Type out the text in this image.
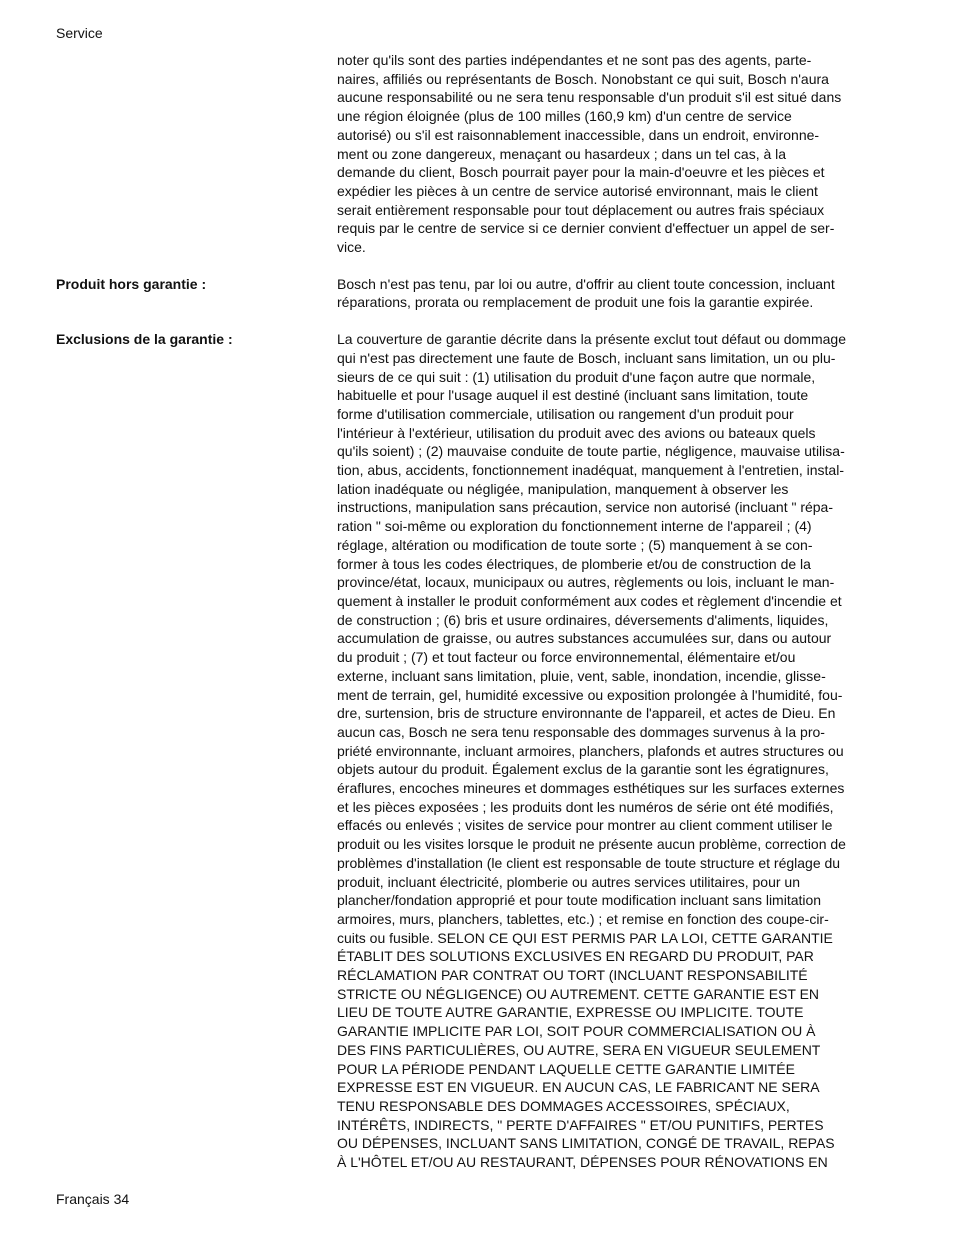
Service
noter qu'ils sont des parties indépendantes et ne sont pas des agents, parte-
naires, affiliés ou représentants de Bosch. Nonobstant ce qui suit, Bosch n'aura
aucune responsabilité ou ne sera tenu responsable d'un produit s'il est situé dans
une région éloignée (plus de 100 milles (160,9 km) d'un centre de service
autorisé) ou s'il est raisonnablement inaccessible, dans un endroit, environne-
ment ou zone dangereux, menaçant ou hasardeux ; dans un tel cas, à la
demande du client, Bosch pourrait payer pour la main-d'oeuvre et les pièces et
expédier les pièces à un centre de service autorisé environnant, mais le client
serait entièrement responsable pour tout déplacement ou autres frais spéciaux
requis par le centre de service si ce dernier convient d'effectuer un appel de ser-
vice.
Produit hors garantie :	Bosch n'est pas tenu, par loi ou autre, d'offrir au client toute concession, incluant
réparations, prorata ou remplacement de produit une fois la garantie expirée.
Exclusions de la garantie :	La couverture de garantie décrite dans la présente exclut tout défaut ou dommage
qui n'est pas directement une faute de Bosch, incluant sans limitation, un ou plu-
sieurs de ce qui suit : (1) utilisation du produit d'une façon autre que normale,
habituelle et pour l'usage auquel il est destiné (incluant sans limitation, toute
forme d'utilisation commerciale, utilisation ou rangement d'un produit pour
l'intérieur à l'extérieur, utilisation du produit avec des avions ou bateaux quels
qu'ils soient) ; (2) mauvaise conduite de toute partie, négligence, mauvaise utilisa-
tion, abus, accidents, fonctionnement inadéquat, manquement à l'entretien, instal-
lation inadéquate ou négligée, manipulation, manquement à observer les
instructions, manipulation sans précaution, service non autorisé (incluant " répa-
ration " soi-même ou exploration du fonctionnement interne de l'appareil ; (4)
réglage, altération ou modification de toute sorte ; (5) manquement à se con-
former à tous les codes électriques, de plomberie et/ou de construction de la
province/état, locaux, municipaux ou autres, règlements ou lois, incluant le man-
quement à installer le produit conformément aux codes et règlement d'incendie et
de construction ; (6) bris et usure ordinaires, déversements d'aliments, liquides,
accumulation de graisse, ou autres substances accumulées sur, dans ou autour
du produit ; (7) et tout facteur ou force environnemental, élémentaire et/ou
externe, incluant sans limitation, pluie, vent, sable, inondation, incendie, glisse-
ment de terrain, gel, humidité excessive ou exposition prolongée à l'humidité, fou-
dre, surtension, bris de structure environnante de l'appareil, et actes de Dieu. En
aucun cas, Bosch ne sera tenu responsable des dommages survenus à la pro-
priété environnante, incluant armoires, planchers, plafonds et autres structures ou
objets autour du produit. Également exclus de la garantie sont les égratignures,
éraflures, encoches mineures et dommages esthétiques sur les surfaces externes
et les pièces exposées ; les produits dont les numéros de série ont été modifiés,
effacés ou enlevés ; visites de service pour montrer au client comment utiliser le
produit ou les visites lorsque le produit ne présente aucun problème, correction de
problèmes d'installation (le client est responsable de toute structure et réglage du
produit, incluant électricité, plomberie ou autres services utilitaires, pour un
plancher/fondation approprié et pour toute modification incluant sans limitation
armoires, murs, planchers, tablettes, etc.) ; et remise en fonction des coupe-cir-
cuits ou fusible. SELON CE QUI EST PERMIS PAR LA LOI, CETTE GARANTIE
ÉTABLIT DES SOLUTIONS EXCLUSIVES EN REGARD DU PRODUIT, PAR
RÉCLAMATION PAR CONTRAT OU TORT (INCLUANT RESPONSABILITÉ
STRICTE OU NÉGLIGENCE) OU AUTREMENT. CETTE GARANTIE EST EN
LIEU DE TOUTE AUTRE GARANTIE, EXPRESSE OU IMPLICITE. TOUTE
GARANTIE IMPLICITE PAR LOI, SOIT POUR COMMERCIALISATION OU À
DES FINS PARTICULIÈRES, OU AUTRE, SERA EN VIGUEUR SEULEMENT
POUR LA PÉRIODE PENDANT LAQUELLE CETTE GARANTIE LIMITÉE
EXPRESSE EST EN VIGUEUR. EN AUCUN CAS, LE FABRICANT NE SERA
TENU RESPONSABLE DES DOMMAGES ACCESSOIRES, SPÉCIAUX,
INTÉRÊTS, INDIRECTS, " PERTE D'AFFAIRES " ET/OU PUNITIFS, PERTES
OU DÉPENSES, INCLUANT SANS LIMITATION, CONGÉ DE TRAVAIL, REPAS
À L'HÔTEL ET/OU AU RESTAURANT, DÉPENSES POUR RÉNOVATIONS EN
Français 34
